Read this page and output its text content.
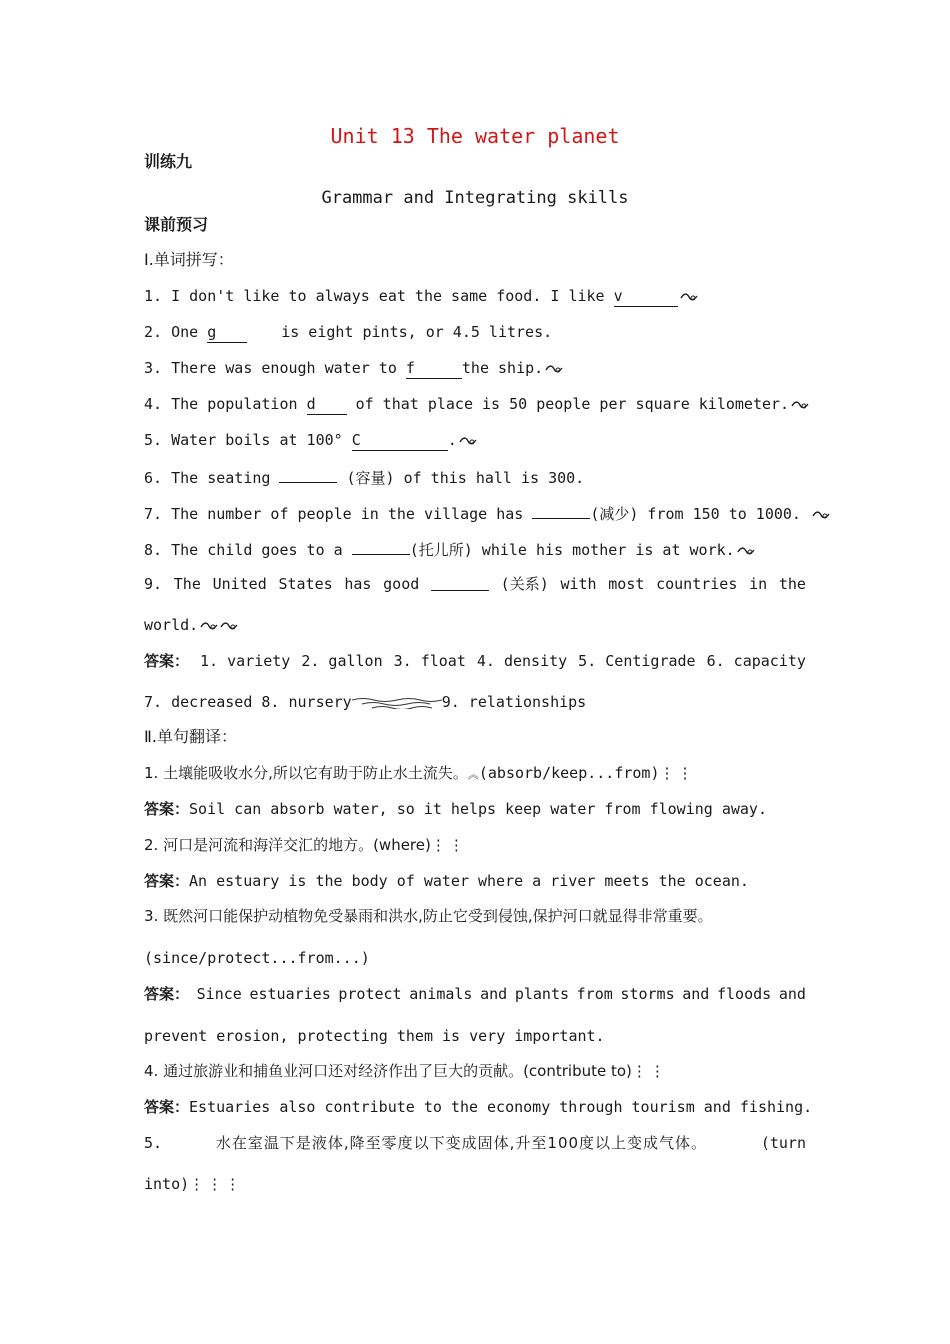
Unit 13 The water planet
训练九
Grammar and Integrating skills
课前预习
Ⅰ.单词拼写：
1. I don't like to always eat the same food. I like v
2. One g	is eight pints, or 4.5 litres.
3. There was enough water to f	the ship.
4. The population d of that place is 50 people per square kilometer.
5. Water boils at 100° C	.
6. The seating	(容量) of this hall is 300.
7. The number of people in the village has	(减少) from 150 to 1000.
8. The child goes to a	(托儿所) while his mother is at work.
9. The United States has good	(关系) with most countries in the
world.
答案： 1. variety 2. gallon 3. float 4. density 5. Centigrade 6. capacity
7. decreased 8. nursery	9. relationships
Ⅱ.单句翻译：
1. 土壤能吸收水分,所以它有助于防止水土流失。︽(absorb/keep...from)⋮⋮
答案：Soil can absorb water, so it helps keep water from flowing away.
2. 河口是河流和海洋交汇的地方。(where)⋮⋮
答案：An estuary is the body of water where a river meets the ocean.
3. 既然河口能保护动植物免受暴雨和洪水,防止它受到侵蚀,保护河口就显得非常重要。
(since/protect...from...)
答案： Since estuaries protect animals and plants from storms and floods and
prevent erosion, protecting them is very important.
4. 通过旅游业和捕鱼业河口还对经济作出了巨大的贡献。(contribute to)⋮⋮
答案：Estuaries also contribute to the economy through tourism and fishing.
5.	水在室温下是液体,降至零度以下变成固体,升至100度以上变成气体。	(turn
into)⋮⋮⋮
